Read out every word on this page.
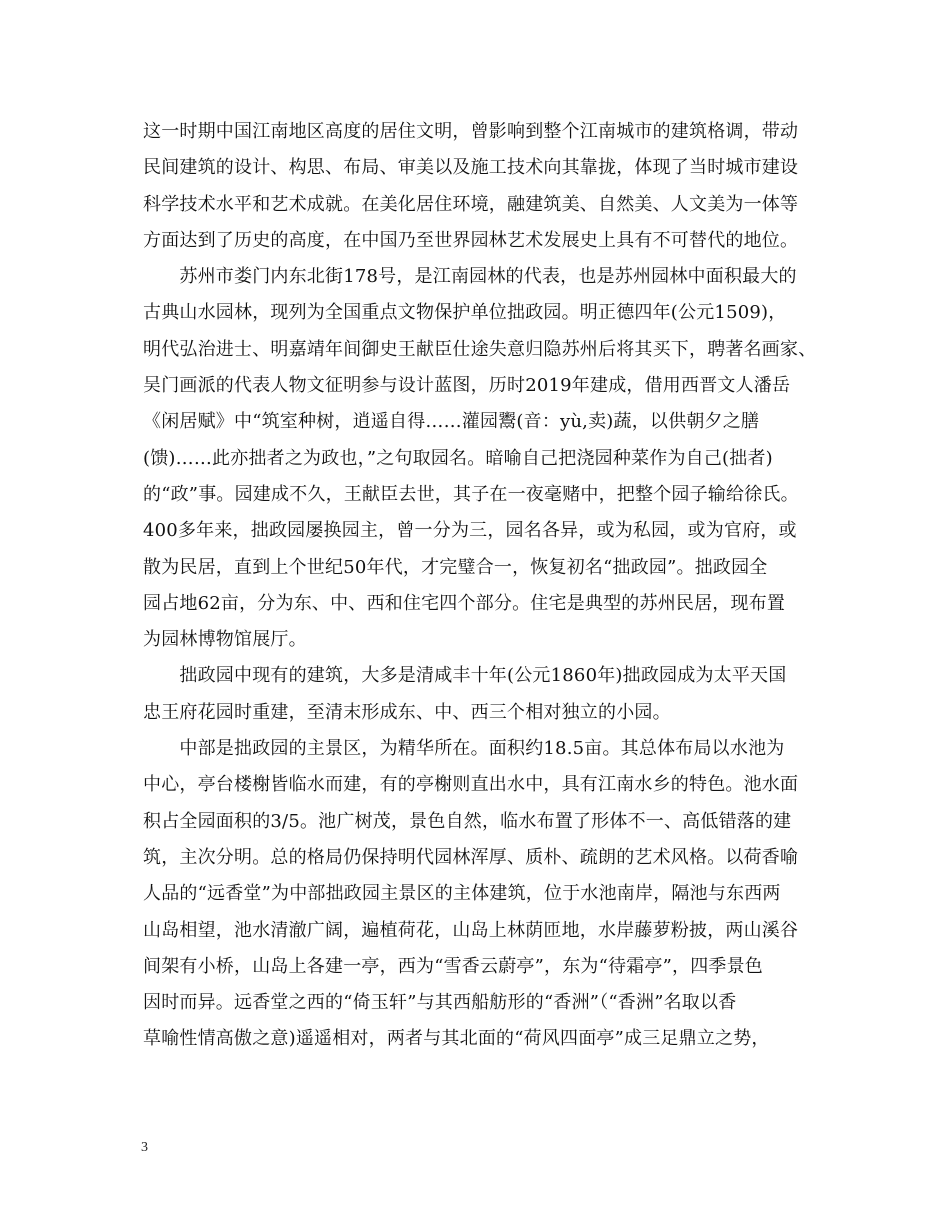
这一时期中国江南地区高度的居住文明，曾影响到整个江南城市的建筑格调，带动
民间建筑的设计、构思、布局、审美以及施工技术向其靠拢，体现了当时城市建设
科学技术水平和艺术成就。在美化居住环境，融建筑美、自然美、人文美为一体等
方面达到了历史的高度，在中国乃至世界园林艺术发展史上具有不可替代的地位。
　　苏州市娄门内东北街178号，是江南园林的代表，也是苏州园林中面积最大的
古典山水园林，现列为全国重点文物保护单位拙政园。明正德四年(公元1509)，
明代弘治进士、明嘉靖年间御史王献臣仕途失意归隐苏州后将其买下，聘著名画家、
吴门画派的代表人物文征明参与设计蓝图，历时2019年建成，借用西晋文人潘岳
《闲居赋》中“筑室种树，逍遥自得……灌园鬻(音：yù,卖)蔬，以供朝夕之膳
(馈)……此亦拙者之为政也，”之句取园名。暗喻自己把浇园种菜作为自己(拙者)
的“政”事。园建成不久，王献臣去世，其子在一夜毫赌中，把整个园子输给徐氏。
400多年来，拙政园屡换园主，曾一分为三，园名各异，或为私园，或为官府，或
散为民居，直到上个世纪50年代，才完璧合一，恢复初名“拙政园”。拙政园全
园占地62亩，分为东、中、西和住宅四个部分。住宅是典型的苏州民居，现布置
为园林博物馆展厅。
　　拙政园中现有的建筑，大多是清咸丰十年(公元1860年)拙政园成为太平天国
忠王府花园时重建，至清末形成东、中、西三个相对独立的小园。
　　中部是拙政园的主景区，为精华所在。面积约18.5亩。其总体布局以水池为
中心，亭台楼榭皆临水而建，有的亭榭则直出水中，具有江南水乡的特色。池水面
积占全园面积的3/5。池广树茂，景色自然，临水布置了形体不一、高低错落的建
筑，主次分明。总的格局仍保持明代园林浑厚、质朴、疏朗的艺术风格。以荷香喻
人品的“远香堂”为中部拙政园主景区的主体建筑，位于水池南岸，隔池与东西两
山岛相望，池水清澈广阔，遍植荷花，山岛上林荫匝地，水岸藤萝粉披，两山溪谷
间架有小桥，山岛上各建一亭，西为“雪香云蔚亭”，东为“待霜亭”，四季景色
因时而异。远香堂之西的“倚玉轩”与其西船舫形的“香洲”（“香洲”名取以香
草喻性情高傲之意)遥遥相对，两者与其北面的“荷风四面亭”成三足鼎立之势，
3
